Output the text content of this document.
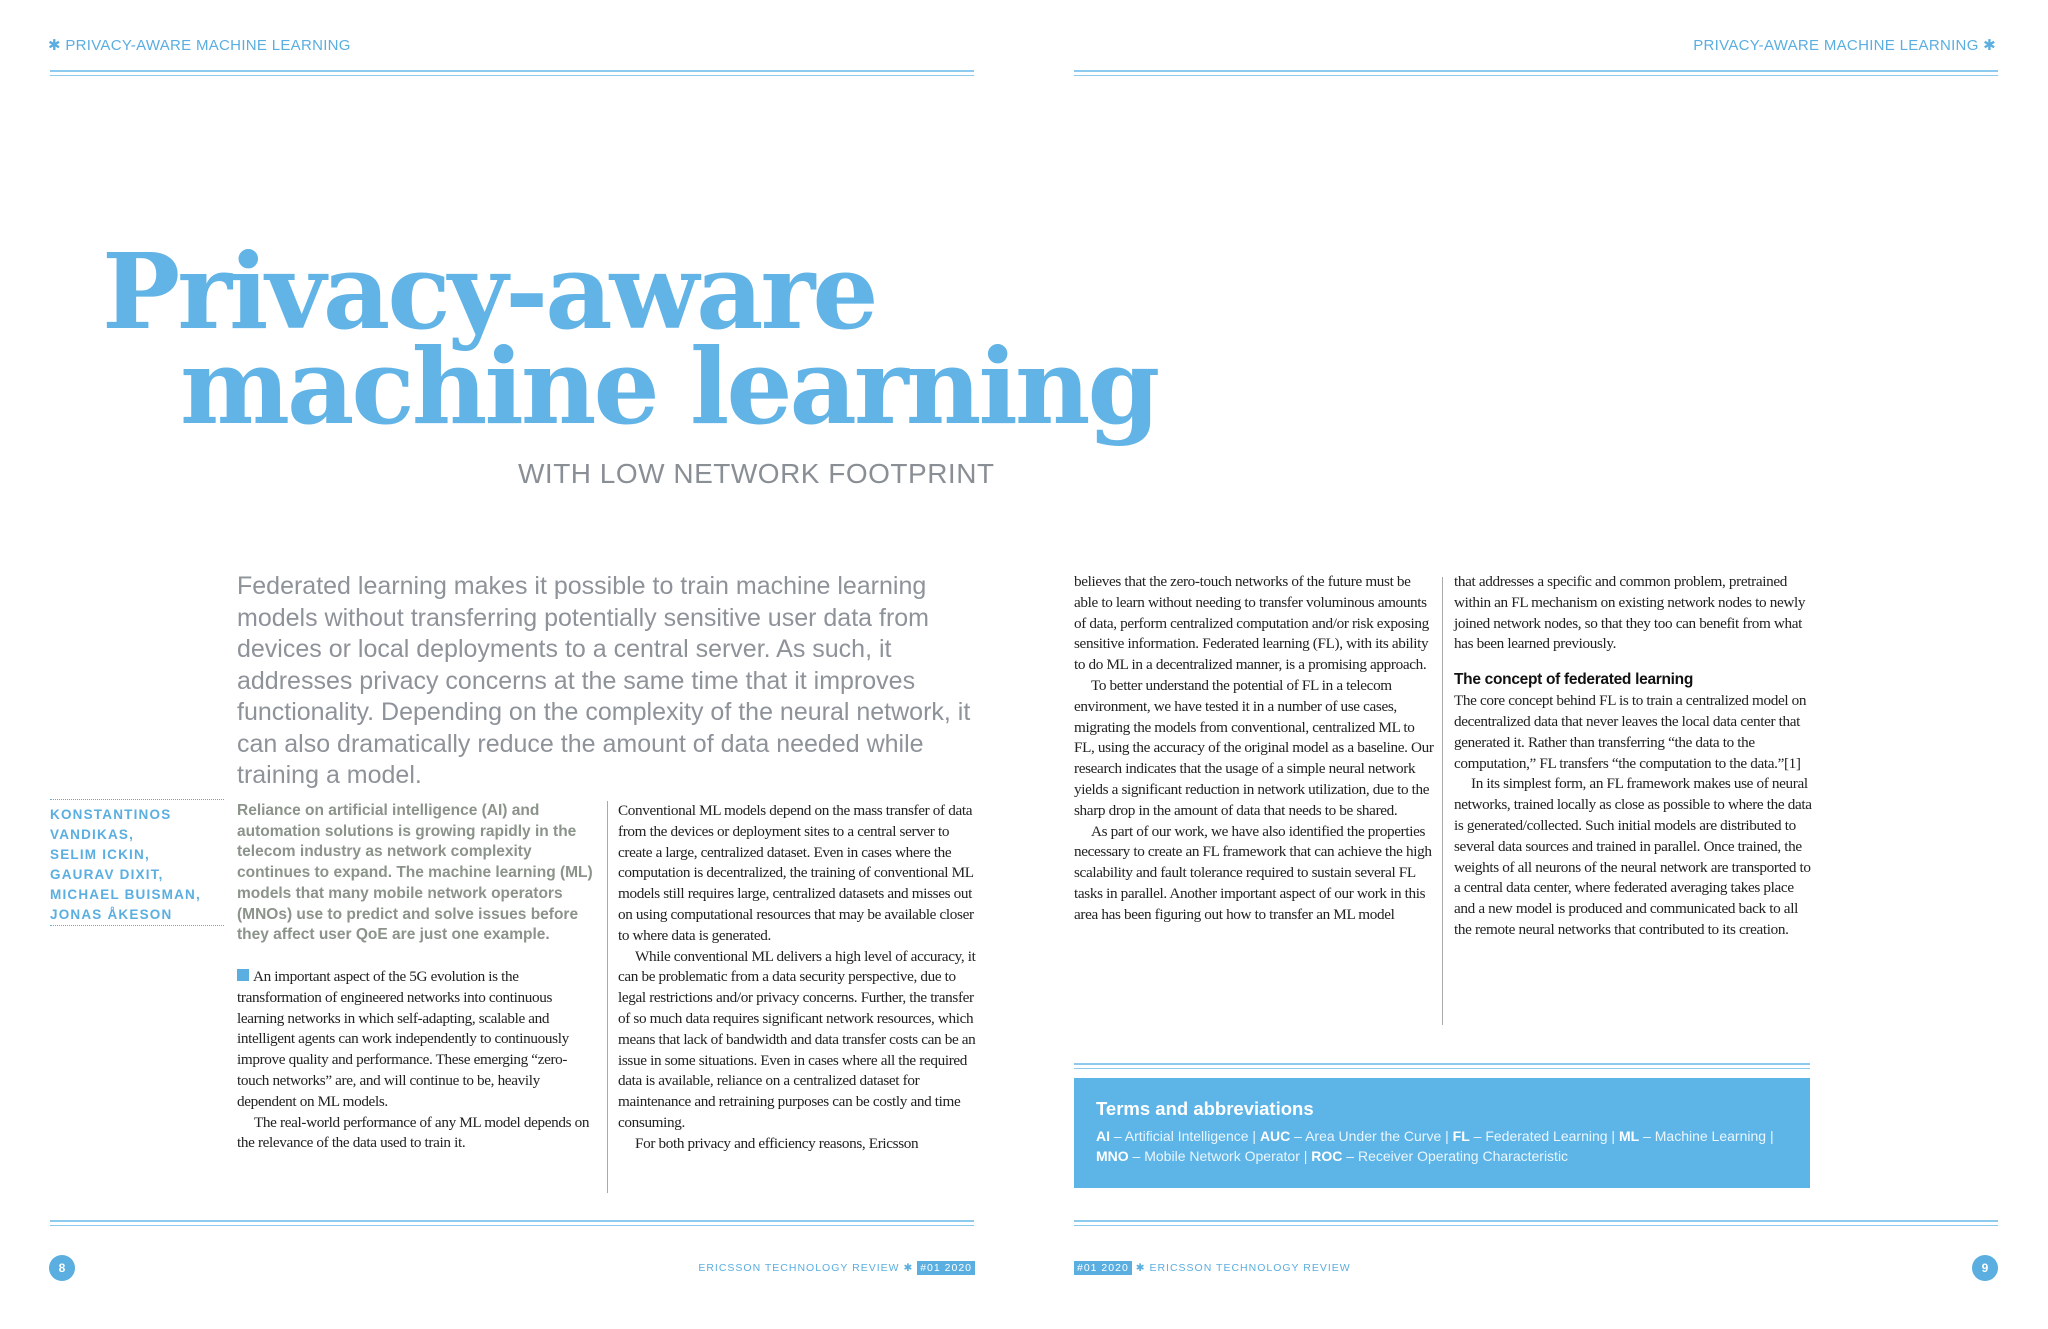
✱ PRIVACY-AWARE MACHINE LEARNING	PRIVACY-AWARE MACHINE LEARNING ✱
Privacy-aware
machine learning
WITH LOW NETWORK FOOTPRINT
Federated learning makes it possible to train machine learning models without transferring potentially sensitive user data from devices or local deployments to a central server. As such, it addresses privacy concerns at the same time that it improves functionality. Depending on the complexity of the neural network, it can also dramatically reduce the amount of data needed while training a model.
KONSTANTINOS
VANDIKAS,
SELIM ICKIN,
GAURAV DIXIT,
MICHAEL BUISMAN,
JONAS ÅKESON
Reliance on artificial intelligence (AI) and automation solutions is growing rapidly in the telecom industry as network complexity continues to expand. The machine learning (ML) models that many mobile network operators (MNOs) use to predict and solve issues before they affect user QoE are just one example.

An important aspect of the 5G evolution is the transformation of engineered networks into continuous learning networks in which self-adapting, scalable and intelligent agents can work independently to continuously improve quality and performance. These emerging “zero-touch networks” are, and will continue to be, heavily dependent on ML models.

The real-world performance of any ML model depends on the relevance of the data used to train it.

Conventional ML models depend on the mass transfer of data from the devices or deployment sites to a central server to create a large, centralized dataset. Even in cases where the computation is decentralized, the training of conventional ML models still requires large, centralized datasets and misses out on using computational resources that may be available closer to where data is generated.

While conventional ML delivers a high level of accuracy, it can be problematic from a data security perspective, due to legal restrictions and/or privacy concerns. Further, the transfer of so much data requires significant network resources, which means that lack of bandwidth and data transfer costs can be an issue in some situations. Even in cases where all the required data is available, reliance on a centralized dataset for maintenance and retraining purposes can be costly and time consuming.

For both privacy and efficiency reasons, Ericsson

believes that the zero-touch networks of the future must be able to learn without needing to transfer voluminous amounts of data, perform centralized computation and/or risk exposing sensitive information. Federated learning (FL), with its ability to do ML in a decentralized manner, is a promising approach.

To better understand the potential of FL in a telecom environment, we have tested it in a number of use cases, migrating the models from conventional, centralized ML to FL, using the accuracy of the original model as a baseline. Our research indicates that the usage of a simple neural network yields a significant reduction in network utilization, due to the sharp drop in the amount of data that needs to be shared.

As part of our work, we have also identified the properties necessary to create an FL framework that can achieve the high scalability and fault tolerance required to sustain several FL tasks in parallel. Another important aspect of our work in this area has been figuring out how to transfer an ML model

that addresses a specific and common problem, pretrained within an FL mechanism on existing network nodes to newly joined network nodes, so that they too can benefit from what has been learned previously.

The concept of federated learning

The core concept behind FL is to train a centralized model on decentralized data that never leaves the local data center that generated it. Rather than transferring “the data to the computation,” FL transfers “the computation to the data.”[1]

In its simplest form, an FL framework makes use of neural networks, trained locally as close as possible to where the data is generated/collected. Such initial models are distributed to several data sources and trained in parallel. Once trained, the weights of all neurons of the neural network are transported to a central data center, where federated averaging takes place and a new model is produced and communicated back to all the remote neural networks that contributed to its creation.

Terms and abbreviations
AI – Artificial Intelligence | AUC – Area Under the Curve | FL – Federated Learning | ML – Machine Learning | MNO – Mobile Network Operator | ROC – Receiver Operating Characteristic
8	ERICSSON TECHNOLOGY REVIEW ✱ #01 2020	#01 2020 ✱ ERICSSON TECHNOLOGY REVIEW	9
